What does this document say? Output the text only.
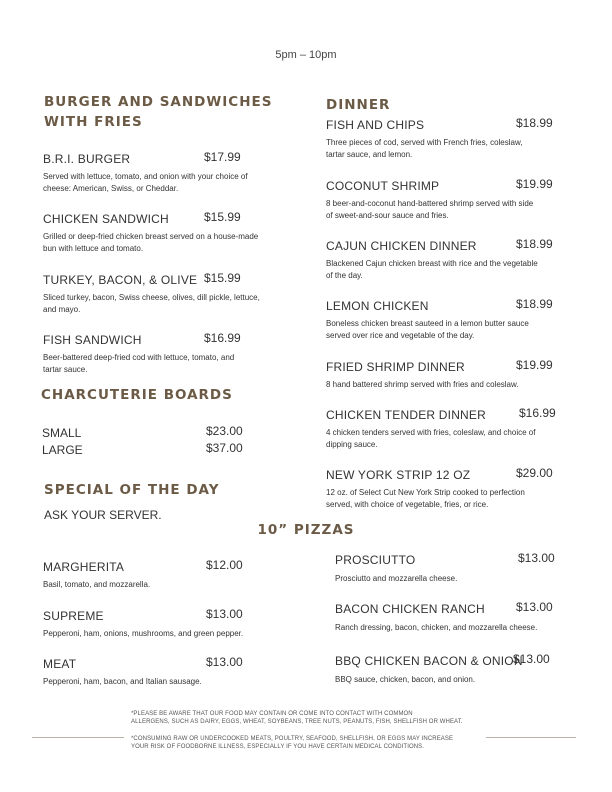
5pm – 10pm
BURGER AND SANDWICHES
WITH FRIES
B.R.I. BURGER	$17.99
Served with lettuce, tomato, and onion with your choice of
cheese: American, Swiss, or Cheddar.
CHICKEN SANDWICH	$15.99
Grilled or deep-fried chicken breast served on a house-made
bun with lettuce and tomato.
TURKEY, BACON, & OLIVE $15.99
Sliced turkey, bacon, Swiss cheese, olives, dill pickle, lettuce,
and mayo.
FISH SANDWICH	$16.99
Beer-battered deep-fried cod with lettuce, tomato, and
tartar sauce.
CHARCUTERIE BOARDS
SMALL	$23.00
LARGE	$37.00
SPECIAL OF THE DAY
ASK YOUR SERVER.
DINNER
FISH AND CHIPS	$18.99
Three pieces of cod, served with French fries, coleslaw,
tartar sauce, and lemon.
COCONUT SHRIMP	$19.99
8 beer-and-coconut hand-battered shrimp served with side
of sweet-and-sour sauce and fries.
CAJUN CHICKEN DINNER	$18.99
Blackened Cajun chicken breast with rice and the vegetable
of the day.
LEMON CHICKEN	$18.99
Boneless chicken breast sauteed in a lemon butter sauce
served over rice and vegetable of the day.
FRIED SHRIMP DINNER	$19.99
8 hand battered shrimp served with fries and coleslaw.
CHICKEN TENDER DINNER	$16.99
4 chicken tenders served with fries, coleslaw, and choice of
dipping sauce.
NEW YORK STRIP 12 OZ	$29.00
12 oz. of Select Cut New York Strip cooked to perfection
served, with choice of vegetable, fries, or rice.
10” PIZZAS
MARGHERITA	$12.00
Basil, tomato, and mozzarella.
SUPREME	$13.00
Pepperoni, ham, onions, mushrooms, and green pepper.
MEAT	$13.00
Pepperoni, ham, bacon, and Italian sausage.
PROSCIUTTO	$13.00
Prosciutto and mozzarella cheese.
BACON CHICKEN RANCH	$13.00
Ranch dressing, bacon, chicken, and mozzarella cheese.
BBQ CHICKEN BACON & ONION
$13.00
BBQ sauce, chicken, bacon, and onion.
*PLEASE BE AWARE THAT OUR FOOD MAY CONTAIN OR COME INTO CONTACT WITH COMMON
ALLERGENS, SUCH AS DAIRY, EGGS, WHEAT, SOYBEANS, TREE NUTS, PEANUTS, FISH, SHELLFISH OR WHEAT.
*CONSUMING RAW OR UNDERCOOKED MEATS, POULTRY, SEAFOOD, SHELLFISH, OR EGGS MAY INCREASE
YOUR RISK OF FOODBORNE ILLNESS, ESPECIALLY IF YOU HAVE CERTAIN MEDICAL CONDITIONS.
